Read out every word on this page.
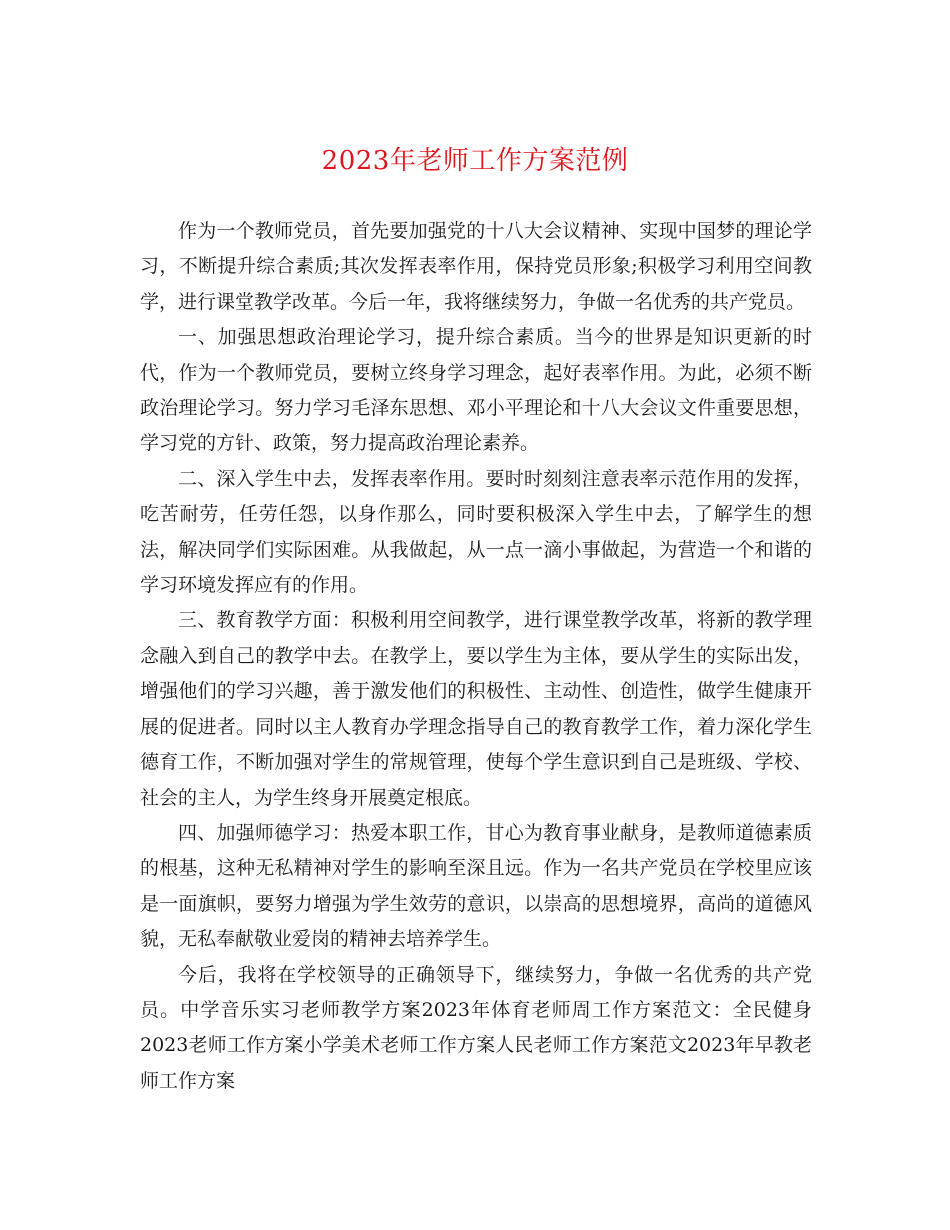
2023年老师工作方案范例

作为一个教师党员，首先要加强党的十八大会议精神、实现中国梦的理论学习，不断提升综合素质;其次发挥表率作用，保持党员形象;积极学习利用空间教学，进行课堂教学改革。今后一年，我将继续努力，争做一名优秀的共产党员。

一、加强思想政治理论学习，提升综合素质。当今的世界是知识更新的时代，作为一个教师党员，要树立终身学习理念，起好表率作用。为此，必须不断政治理论学习。努力学习毛泽东思想、邓小平理论和十八大会议文件重要思想，学习党的方针、政策，努力提高政治理论素养。

二、深入学生中去，发挥表率作用。要时时刻刻注意表率示范作用的发挥，吃苦耐劳，任劳任怨，以身作那么，同时要积极深入学生中去，了解学生的想法，解决同学们实际困难。从我做起，从一点一滴小事做起，为营造一个和谐的学习环境发挥应有的作用。

三、教育教学方面：积极利用空间教学，进行课堂教学改革，将新的教学理念融入到自己的教学中去。在教学上，要以学生为主体，要从学生的实际出发，增强他们的学习兴趣，善于激发他们的积极性、主动性、创造性，做学生健康开展的促进者。同时以主人教育办学理念指导自己的教育教学工作，着力深化学生德育工作，不断加强对学生的常规管理，使每个学生意识到自己是班级、学校、社会的主人，为学生终身开展奠定根底。

四、加强师德学习：热爱本职工作，甘心为教育事业献身，是教师道德素质的根基，这种无私精神对学生的影响至深且远。作为一名共产党员在学校里应该是一面旗帜，要努力增强为学生效劳的意识，以崇高的思想境界，高尚的道德风貌，无私奉献敬业爱岗的精神去培养学生。

今后，我将在学校领导的正确领导下，继续努力，争做一名优秀的共产党员。中学音乐实习老师教学方案2023年体育老师周工作方案范文：全民健身2023老师工作方案小学美术老师工作方案人民老师工作方案范文2023年早教老师工作方案
